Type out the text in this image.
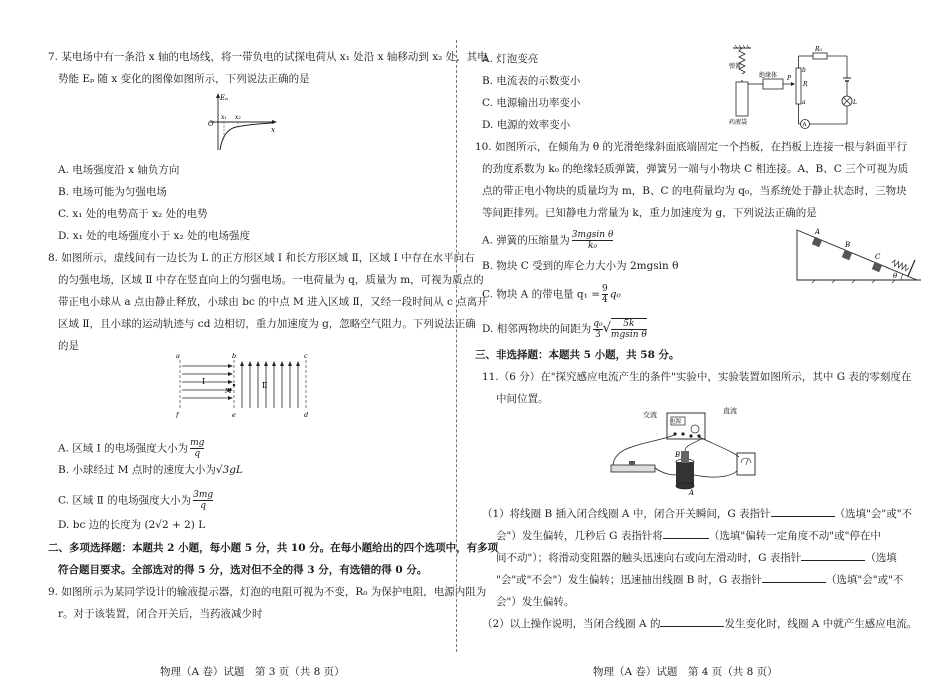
7. 某电场中有一条沿 x 轴的电场线，将一带负电的试探电荷从 x₁ 处沿 x 轴移动到 x₂ 处，其电
势能 Eₚ 随 x 变化的图像如图所示，下列说法正确的是
Eₚ
x
O
x₁ x₂
A. 电场强度沿 x 轴负方向
B. 电场可能为匀强电场
C. x₁ 处的电势高于 x₂ 处的电势
D. x₁ 处的电场强度小于 x₂ 处的电场强度
8. 如图所示，虚线间有一边长为 L 的正方形区域 Ⅰ 和长方形区域 Ⅱ，区域 Ⅰ 中存在水平向右
的匀强电场，区域 Ⅱ 中存在竖直向上的匀强电场。一电荷量为 q，质量为 m，可视为质点的
带正电小球从 a 点由静止释放，小球由 bc 的中点 M 进入区域 Ⅱ，又经一段时间从 c 点离开
区域 Ⅱ，且小球的运动轨迹与 cd 边相切，重力加速度为 g，忽略空气阻力。下列说法正确
的是
a	b	c
d
e
f
M
Ⅰ	Ⅱ
A. 区域 Ⅰ 的电场强度大小为 $\frac{mg}{q}$
B. 小球经过 M 点时的速度大小为√3gL
C. 区域 Ⅱ 的电场强度大小为 $\frac{3mg}{q}$
D. bc 边的长度为 (2√2 + 2) L
二、多项选择题：本题共 2 小题，每小题 5 分，共 10 分。在每小题给出的四个选项中，有多项
符合题目要求。全部选对的得 5 分，选对但不全的得 3 分，有选错的得 0 分。
9. 如图所示为某同学设计的输液提示器，灯泡的电阻可视为不变，R₀ 为保护电阻，电源内阻为
r。对于该装置，闭合开关后，当药液减少时
物理（A 卷）试题　第 3 页（共 8 页）
A. 灯泡变亮
B. 电流表的示数变小
C. 电源输出功率变小
D. 电源的效率变小
弹簧
绝缘体
药液袋
R₀
R
P
b
a	L
A
10. 如图所示，在倾角为 θ 的光滑绝缘斜面底端固定一个挡板，在挡板上连接一根与斜面平行
的劲度系数为 k₀ 的绝缘轻质弹簧，弹簧另一端与小物块 C 相连接。A、B、C 三个可视为质
点的带正电小物块的质量均为 m，B、C 的电荷量均为 q₀，当系统处于静止状态时，三物块
等间距排列。已知静电力常量为 k，重力加速度为 g，下列说法正确的是
A. 弹簧的压缩量为 $\frac{\text{3mgsin θ}}{\text{k₀}}$
B. 物块 C 受到的库仑力大小为 2mgsin θ
C. 物块 A 的带电量 $q_1 = \frac{9}{4} q_0$
D. 相邻两物块的间距为 $\frac{\text{q₀}}{3}$ √ $\frac{5k}{\text{mgsin θ}}$
A
B
C
θ
三、非选择题：本题共 5 小题，共 58 分。
11.（6 分）在"探究感应电流产生的条件"实验中，实验装置如图所示，其中 G 表的零刻度在
中间位置。
交流	直流
电源
B
A
（1）将线圈 B 插入闭合线圈 A 中，闭合开关瞬间，G 表指针	（选填"会"或"不
会"）发生偏转，几秒后 G 表指针将	（选填"偏转一定角度不动"或"停在中
间不动"）；将滑动变阻器的触头迅速向右或向左滑动时，G 表指针	（选填
"会"或"不会"）发生偏转；迅速抽出线圈 B 时，G 表指针	（选填"会"或"不
会"）发生偏转。
（2）以上操作说明，当闭合线圈 A 的	发生变化时，线圈 A 中就产生感应电流。
物理（A 卷）试题　第 4 页（共 8 页）
